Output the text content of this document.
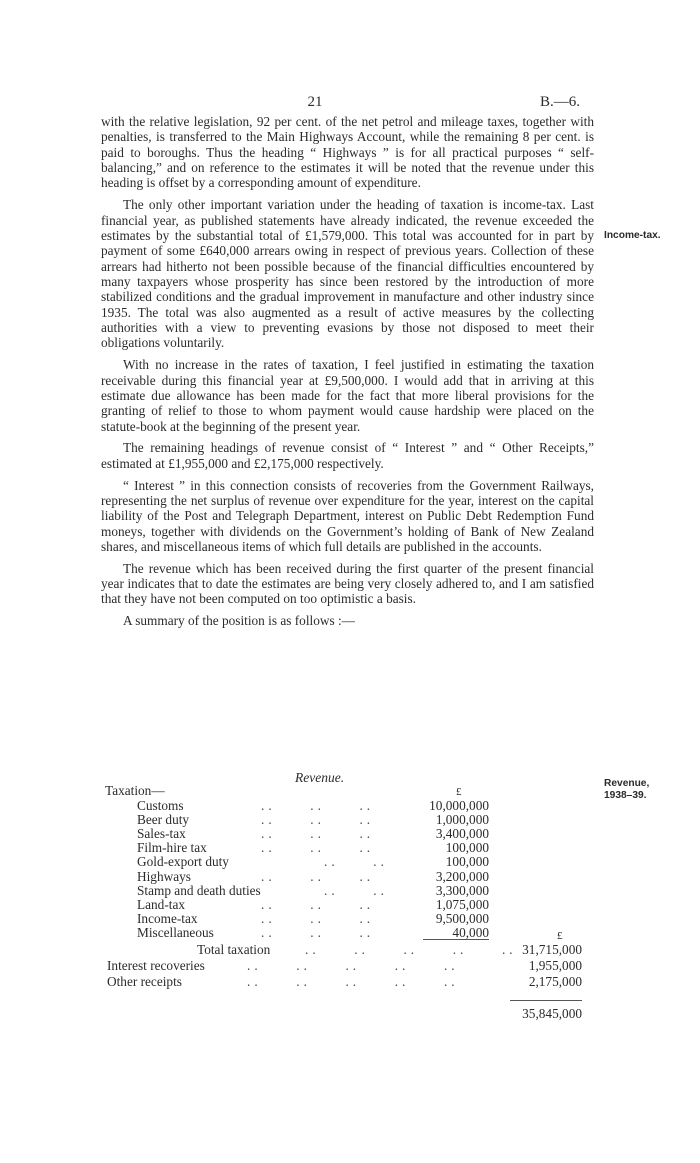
21	B.—6.

with the relative legislation, 92 per cent. of the net petrol and mileage taxes, together with penalties, is transferred to the Main Highways Account, while the remaining 8 per cent. is paid to boroughs. Thus the heading “ Highways ” is for all practical purposes “ self-balancing,” and on reference to the estimates it will be noted that the revenue under this heading is offset by a corresponding amount of expenditure.

The only other important variation under the heading of taxation is income-tax. Last financial year, as published statements have already indicated, the revenue exceeded the estimates by the substantial total of £1,579,000. This total was accounted for in part by payment of some £640,000 arrears owing in respect of previous years. Collection of these arrears had hitherto not been possible because of the financial difficulties encountered by many taxpayers whose prosperity has since been restored by the introduction of more stabilized conditions and the gradual improvement in manufacture and other industry since 1935. The total was also augmented as a result of active measures by the collecting authorities with a view to preventing evasions by those not disposed to meet their obligations voluntarily.

With no increase in the rates of taxation, I feel justified in estimating the taxation receivable during this financial year at £9,500,000. I would add that in arriving at this estimate due allowance has been made for the fact that more liberal provisions for the granting of relief to those to whom payment would cause hardship were placed on the statute-book at the beginning of the present year.

The remaining headings of revenue consist of “ Interest ” and “ Other Receipts,” estimated at £1,955,000 and £2,175,000 respectively.

“ Interest ” in this connection consists of recoveries from the Government Railways, representing the net surplus of revenue over expenditure for the year, interest on the capital liability of the Post and Telegraph Department, interest on Public Debt Redemption Fund moneys, together with dividends on the Government’s holding of Bank of New Zealand shares, and miscellaneous items of which full details are published in the accounts.

The revenue which has been received during the first quarter of the present financial year indicates that to date the estimates are being very closely adhered to, and I am satisfied that they have not been computed on too optimistic a basis.

A summary of the position is as follows :—

Income-tax.
Revenue,
1938–39.
Revenue.
Taxation—	£
Customs	..  ..  ..	10,000,000
Beer duty	..  ..  ..	1,000,000
Sales-tax	..  ..  ..	3,400,000
Film-hire tax	..  ..  ..	100,000
Gold-export duty	..  ..	100,000
Highways	..  ..  ..	3,200,000
Stamp and death duties	..  ..	3,300,000
Land-tax	..  ..  ..	1,075,000
Income-tax	..  ..  ..	9,500,000
Miscellaneous	..  ..  ..	40,000	£
Total taxation	..  ..  ..  ..  .. 31,715,000
Interest recoveries	..  ..  ..  ..  ..	1,955,000
Other receipts	..  ..  ..  ..  ..	2,175,000
35,845,000
